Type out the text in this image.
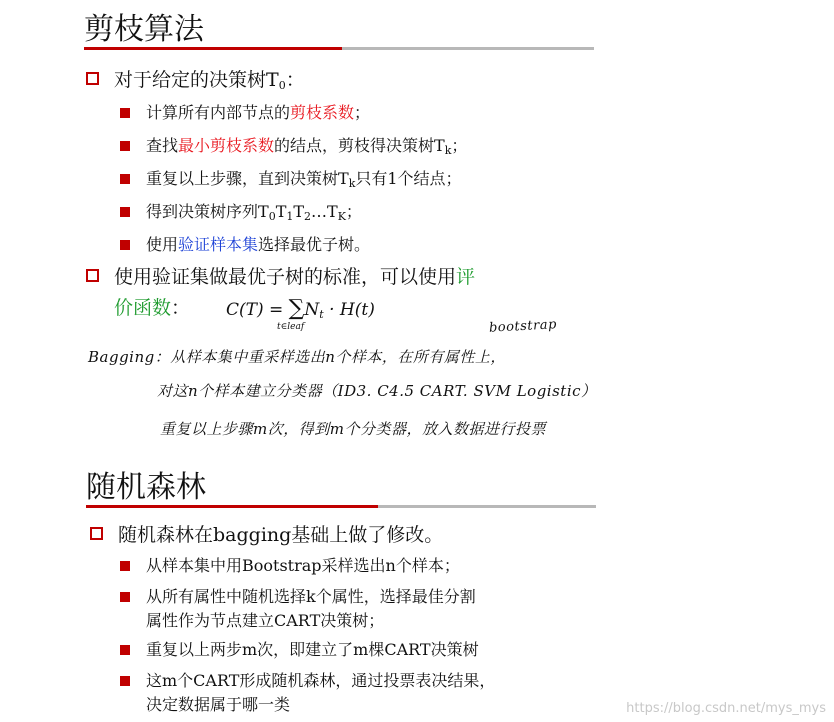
剪枝算法
对于给定的决策树$T_0$：
计算所有内部节点的剪枝系数；
查找最小剪枝系数的结点，剪枝得决策树$T_k$；
重复以上步骤，直到决策树$T_k$只有1个结点；
得到决策树序列$T_0T_1T_2\dots T_K$；
使用验证样本集选择最优子树。
使用验证集做最优子树的标准，可以使用评
价函数： $C(T) = \sum N_t \cdot H(t)$
t∈leaf	bootstrap
Bagging：从样本集中重采样选出n个样本，在所有属性上，
对这n个样本建立分类器（ID3. C4.5 CART. SVM Logistic）
重复以上步骤m次，得到m个分类器，放入数据进行投票
随机森林
随机森林在bagging基础上做了修改。
从样本集中用Bootstrap采样选出n个样本；
从所有属性中随机选择k个属性，选择最佳分割
属性作为节点建立CART决策树；
重复以上两步m次，即建立了m棵CART决策树
这m个CART形成随机森林，通过投票表决结果，
决定数据属于哪一类	https://blog.csdn.net/mys_mys
